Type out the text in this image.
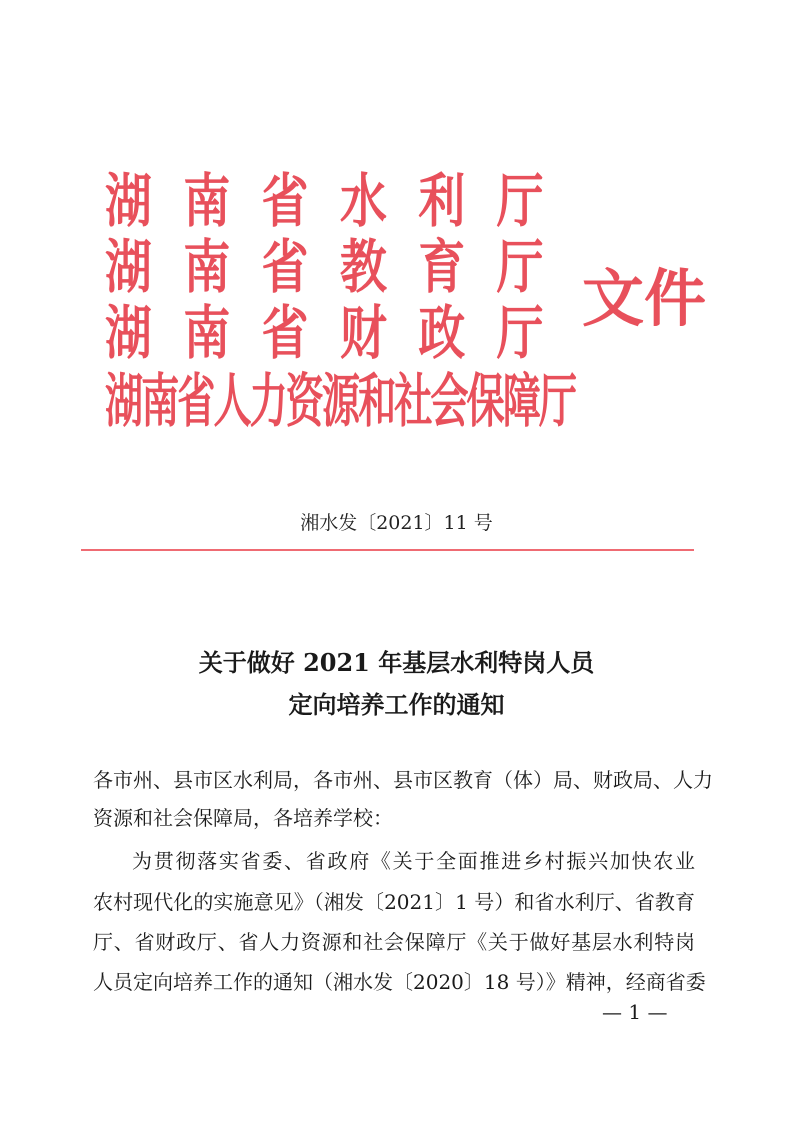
湖 南 省 水 利 厅
湖 南 省 教 育 厅
湖 南 省 财 政 厅
湖南省人力资源和社会保障厅
文件
湘水发〔2021〕11 号
关于做好 2021 年基层水利特岗人员
定向培养工作的通知
各市州、县市区水利局，各市州、县市区教育（体）局、财政局、人力
资源和社会保障局，各培养学校：
为贯彻落实省委、省政府《关于全面推进乡村振兴加快农业
农村现代化的实施意见》（湘发〔2021〕1 号）和省水利厅、省教育
厅、省财政厅、省人力资源和社会保障厅《关于做好基层水利特岗
人员定向培养工作的通知（湘水发〔2020〕18 号）》精神，经商省委
— 1 —
